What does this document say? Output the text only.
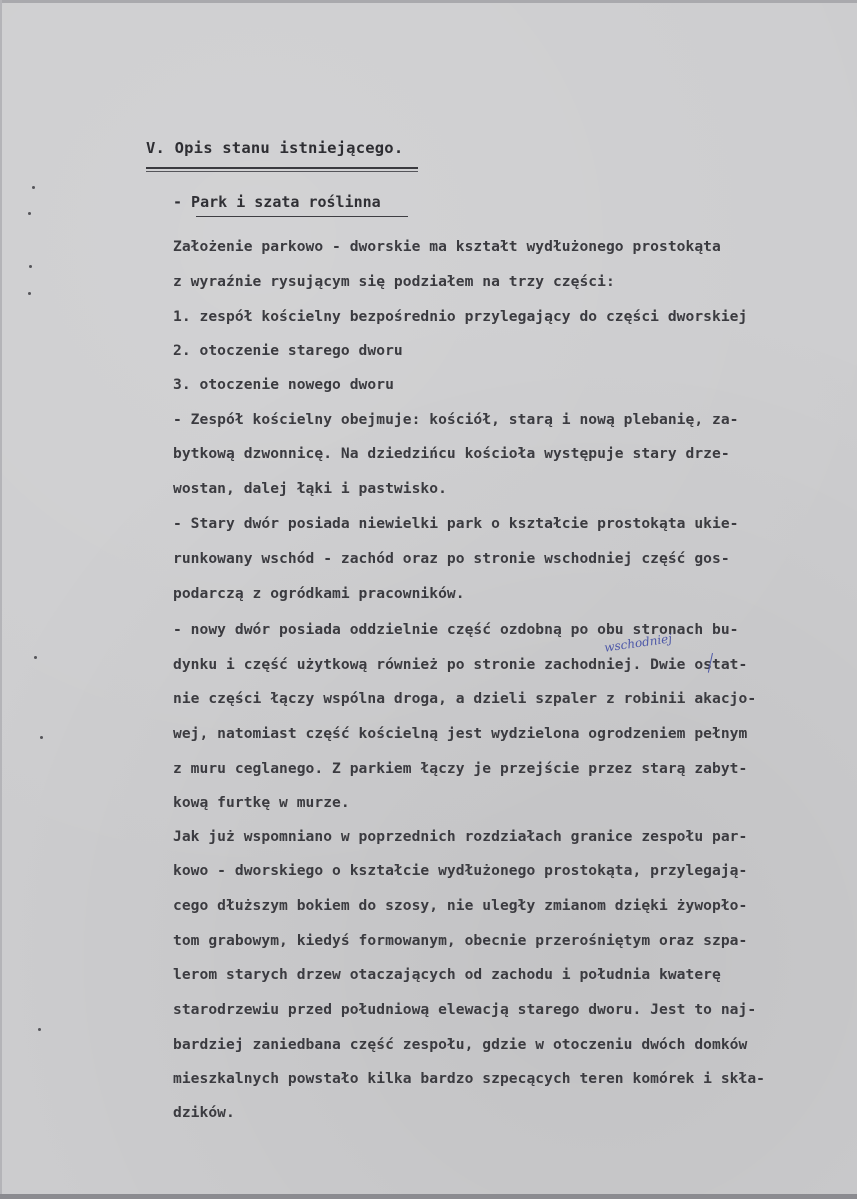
V. Opis stanu istniejącego.
- Park i szata roślinna
Założenie parkowo - dworskie ma kształt wydłużonego prostokąta
z wyraźnie rysującym się podziałem na trzy części:
1. zespół kościelny bezpośrednio przylegający do części dworskiej
2. otoczenie starego dworu
3. otoczenie nowego dworu
- Zespół kościelny obejmuje: kościół, starą i nową plebanię, za-
bytkową dzwonnicę. Na dziedzińcu kościoła występuje stary drze-
wostan, dalej łąki i pastwisko.
- Stary dwór posiada niewielki park o kształcie prostokąta ukie-
runkowany wschód - zachód oraz po stronie wschodniej część gos-
podarczą z ogródkami pracowników.
- nowy dwór posiada oddzielnie część ozdobną po obu stronach bu-
dynku i część użytkową również po stronie zachodniej. Dwie ostat-
nie części łączy wspólna droga, a dzieli szpaler z robinii akacjo-
wej, natomiast część kościelną jest wydzielona ogrodzeniem pełnym
z muru ceglanego. Z parkiem łączy je przejście przez starą zabyt-
kową furtkę w murze.
Jak już wspomniano w poprzednich rozdziałach granice zespołu par-
kowo - dworskiego o kształcie wydłużonego prostokąta, przylegają-
cego dłuższym bokiem do szosy, nie uległy zmianom dzięki żywopło-
tom grabowym, kiedyś formowanym, obecnie przerośniętym oraz szpa-
lerom starych drzew otaczających od zachodu i południa kwaterę
starodrzewiu przed południową elewacją starego dworu. Jest to naj-
bardziej zaniedbana część zespołu, gdzie w otoczeniu dwóch domków
mieszkalnych powstało kilka bardzo szpecących teren komórek i skła-
dzików.
wschodniej
